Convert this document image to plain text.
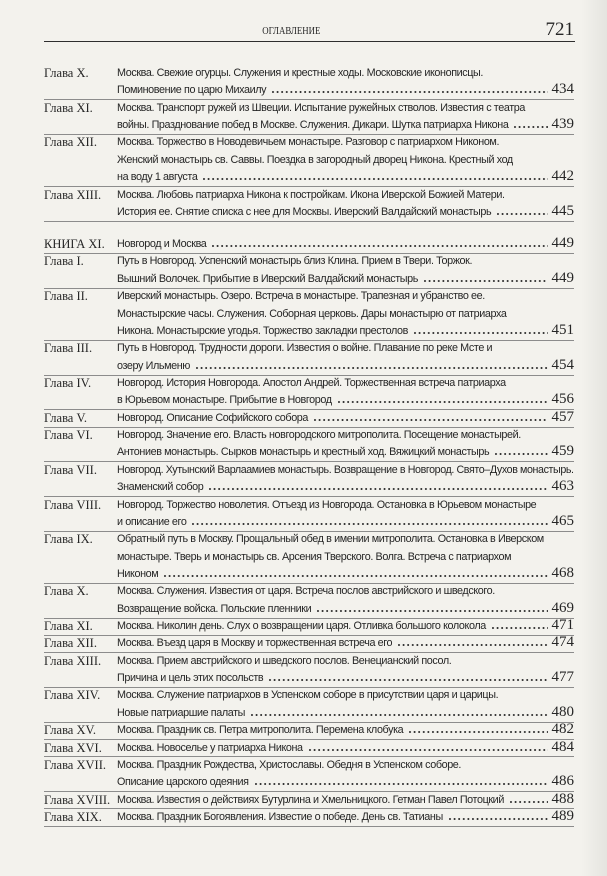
ОГЛАВЛЕНИЕ	721
Глава X.	Москва. Свежие огурцы. Служения и крестные ходы. Московские иконописцы.
Поминовение по царю Михаилу	434
Глава XI.	Москва. Транспорт ружей из Швеции. Испытание ружейных стволов. Известия с театра
войны. Празднование побед в Москве. Служения. Дикари. Шутка патриарха Никона	439
Глава XII.	Москва. Торжество в Новодевичьем монастыре. Разговор с патриархом Никоном.
Женский монастырь св. Саввы. Поездка в загородный дворец Никона. Крестный ход
на воду 1 августа	442
Глава XIII.	Москва. Любовь патриарха Никона к постройкам. Икона Иверской Божией Матери.
История ее. Снятие списка с нее для Москвы. Иверский Валдайский монастырь	445
КНИГА XI.	Новгород и Москва	449
Глава I.	Путь в Новгород. Успенский монастырь близ Клина. Прием в Твери. Торжок.
Вышний Волочек. Прибытие в Иверский Валдайский монастырь	449
Глава II.	Иверский монастырь. Озеро. Встреча в монастыре. Трапезная и убранство ее.
Монастырские часы. Служения. Соборная церковь. Дары монастырю от патриарха
Никона. Монастырские угодья. Торжество закладки престолов	451
Глава III.	Путь в Новгород. Трудности дороги. Известия о войне. Плавание по реке Мсте и
озеру Ильменю	454
Глава IV.	Новгород. История Новгорода. Апостол Андрей. Торжественная встреча патриарха
в Юрьевом монастыре. Прибытие в Новгород	456
Глава V.	Новгород. Описание Софийского собора	457
Глава VI.	Новгород. Значение его. Власть новгородского митрополита. Посещение монастырей.
Антониев монастырь. Сырков монастырь и крестный ход. Вяжицкий монастырь	459
Глава VII.	Новгород. Хутынский Варлаамиев монастырь. Возвращение в Новгород. Свято–Духов монастырь.
Знаменский собор	463
Глава VIII.	Новгород. Торжество новолетия. Отъезд из Новгорода. Остановка в Юрьевом монастыре
и описание его	465
Глава IX.	Обратный путь в Москву. Прощальный обед в имении митрополита. Остановка в Иверском
монастыре. Тверь и монастырь св. Арсения Тверского. Волга. Встреча с патриархом
Никоном	468
Глава X.	Москва. Служения. Известия от царя. Встреча послов австрийского и шведского.
Возвращение войска. Польские пленники	469
Глава XI.	Москва. Николин день. Слух о возвращении царя. Отливка большого колокола	471
Глава XII.	Москва. Въезд царя в Москву и торжественная встреча его	474
Глава XIII.	Москва. Прием австрийского и шведского послов. Венецианский посол.
Причина и цель этих посольств	477
Глава XIV.	Москва. Служение патриархов в Успенском соборе в присутствии царя и царицы.
Новые патриаршие палаты	480
Глава XV.	Москва. Праздник св. Петра митрополита. Перемена клобука	482
Глава XVI.	Москва. Новоселье у патриарха Никона	484
Глава XVII.	Москва. Праздник Рождества, Христославы. Обедня в Успенском соборе.
Описание царского одеяния	486
Глава XVIII. Москва. Известия о действиях Бутурлина и Хмельницкого. Гетман Павел Потоцкий	488
Глава XIX.	Москва. Праздник Богоявления. Известие о победе. День св. Татианы	489
